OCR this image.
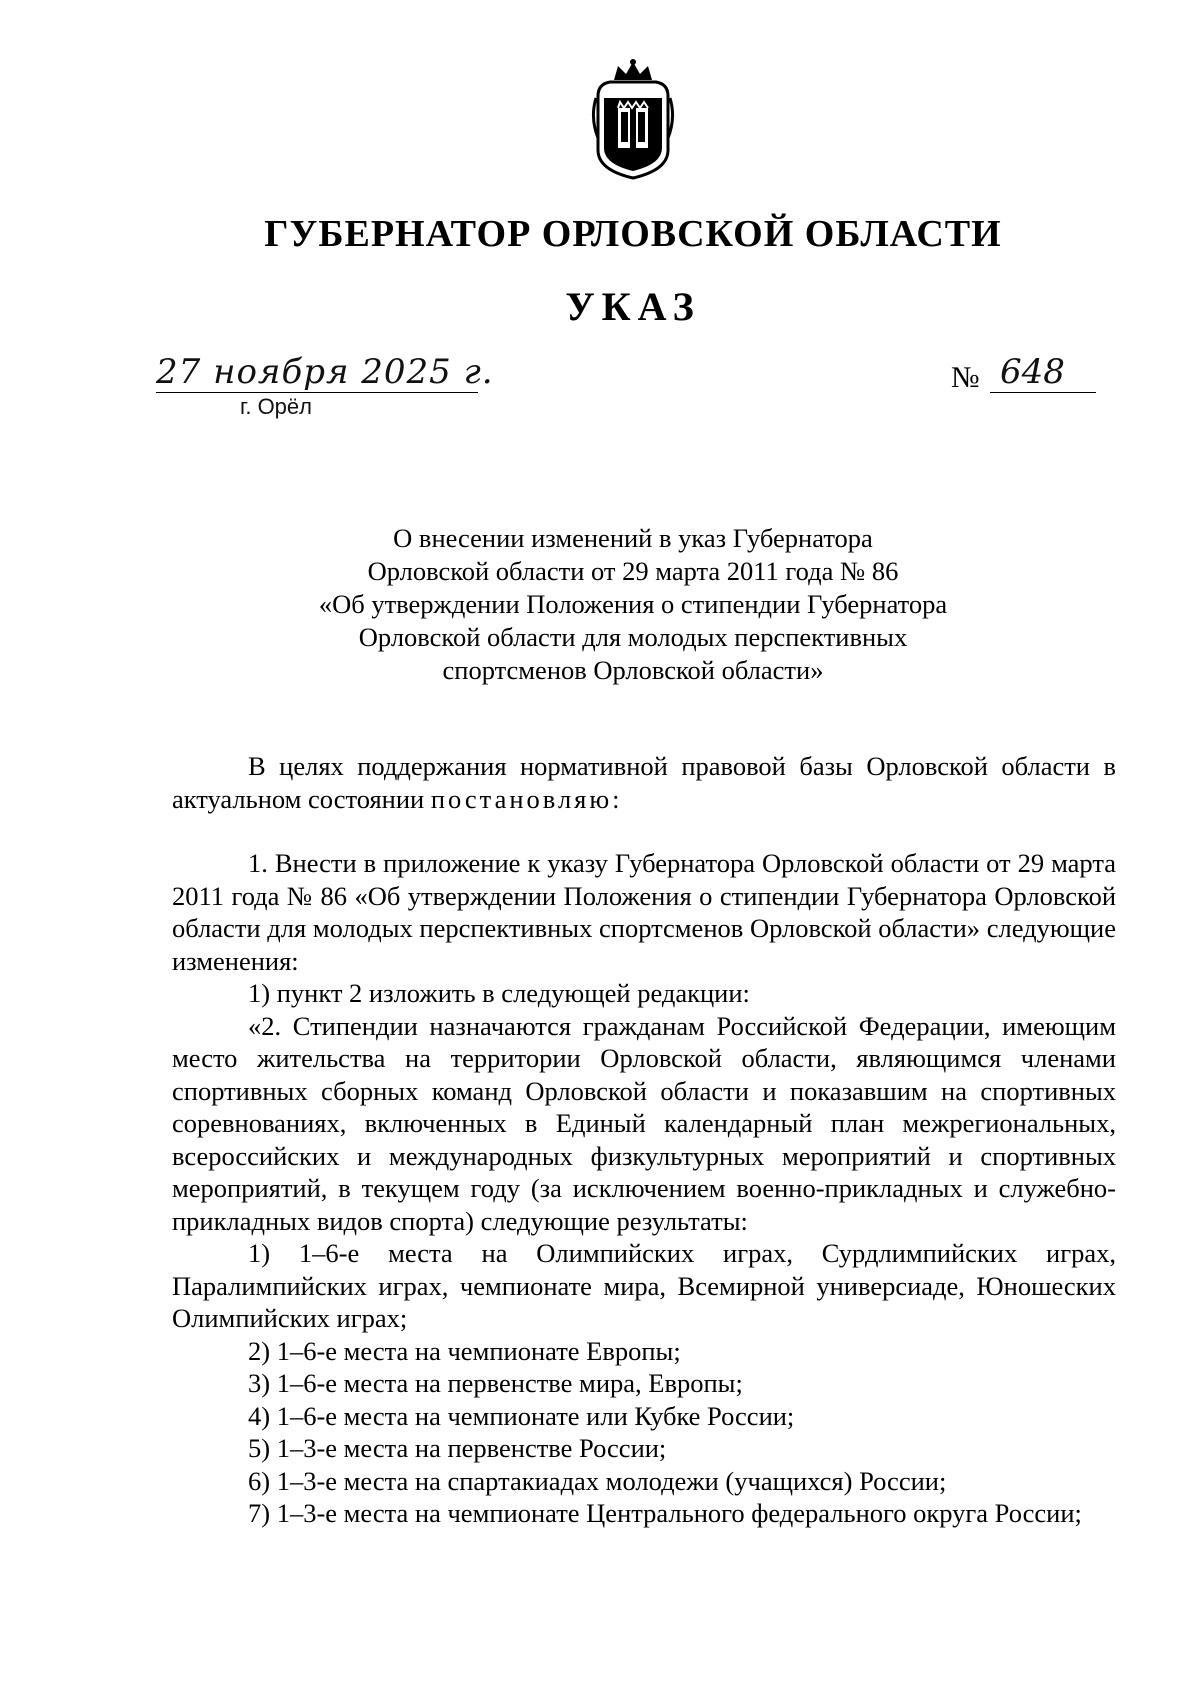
ГУБЕРНАТОР ОРЛОВСКОЙ ОБЛАСТИ
УКАЗ
27 ноября 2025 г.
г. Орёл
№ 648
О внесении изменений в указ Губернатора
Орловской области от 29 марта 2011 года № 86
«Об утверждении Положения о стипендии Губернатора
Орловской области для молодых перспективных
спортсменов Орловской области»

В целях поддержания нормативной правовой базы Орловской области в актуальном состоянии постановляю:

1. Внести в приложение к указу Губернатора Орловской области от 29 марта 2011 года № 86 «Об утверждении Положения о стипендии Губернатора Орловской области для молодых перспективных спортсменов Орловской области» следующие изменения:

1) пункт 2 изложить в следующей редакции:

«2. Стипендии назначаются гражданам Российской Федерации, имеющим место жительства на территории Орловской области, являющимся членами спортивных сборных команд Орловской области и показавшим на спортивных соревнованиях, включенных в Единый календарный план межрегиональных, всероссийских и международных физкультурных мероприятий и спортивных мероприятий, в текущем году (за исключением военно-прикладных и служебно-прикладных видов спорта) следующие результаты:

1) 1–6-е места на Олимпийских играх, Сурдлимпийских играх, Паралимпийских играх, чемпионате мира, Всемирной универсиаде, Юношеских Олимпийских играх;

2) 1–6-е места на чемпионате Европы;

3) 1–6-е места на первенстве мира, Европы;

4) 1–6-е места на чемпионате или Кубке России;

5) 1–3-е места на первенстве России;

6) 1–3-е места на спартакиадах молодежи (учащихся) России;

7) 1–3-е места на чемпионате Центрального федерального округа России;
